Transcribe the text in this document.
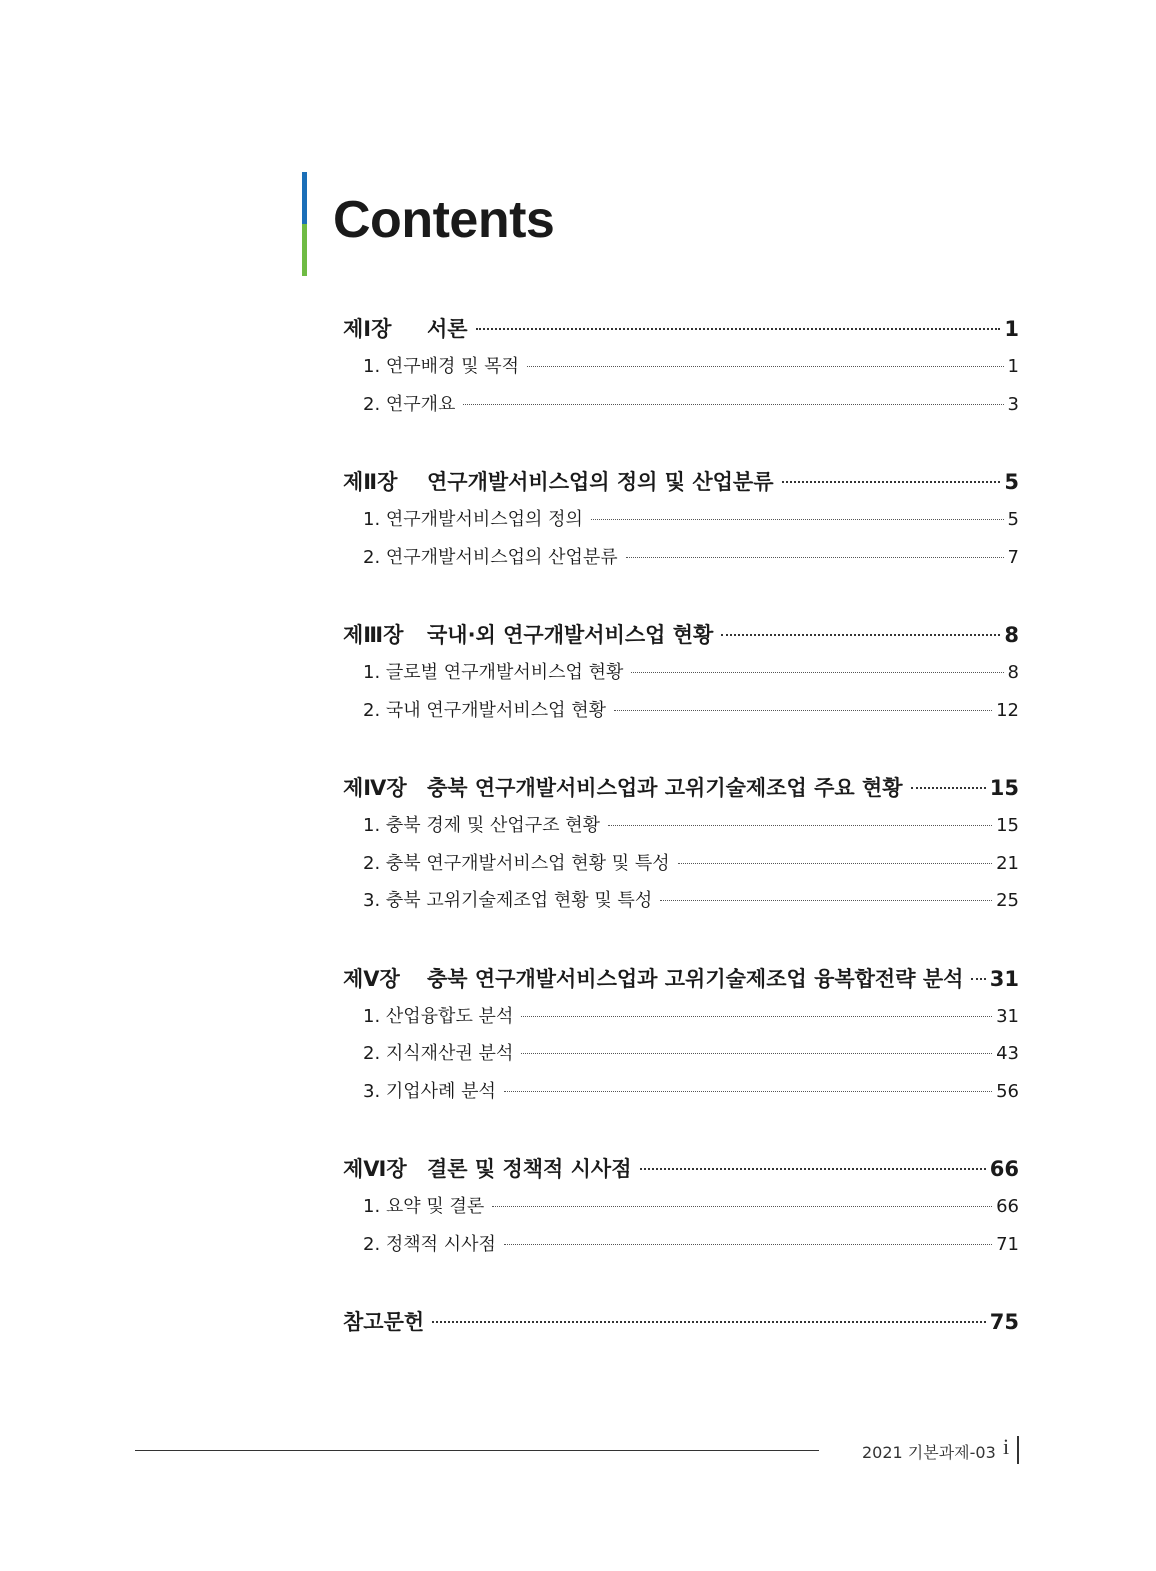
Contents
제Ⅰ장 서론	1
1. 연구배경 및 목적	1
2. 연구개요	3
제Ⅱ장 연구개발서비스업의 정의 및 산업분류	5
1. 연구개발서비스업의 정의	5
2. 연구개발서비스업의 산업분류	7
제Ⅲ장 국내·외 연구개발서비스업 현황	8
1. 글로벌 연구개발서비스업 현황	8
2. 국내 연구개발서비스업 현황	12
제Ⅳ장 충북 연구개발서비스업과 고위기술제조업 주요 현황	15
1. 충북 경제 및 산업구조 현황	15
2. 충북 연구개발서비스업 현황 및 특성	21
3. 충북 고위기술제조업 현황 및 특성	25
제Ⅴ장 충북 연구개발서비스업과 고위기술제조업 융복합전략 분석 31
1. 산업융합도 분석	31
2. 지식재산권 분석	43
3. 기업사례 분석	56
제Ⅵ장 결론 및 정책적 시사점	66
1. 요약 및 결론	66
2. 정책적 시사점	71
참고문헌	75
2021 기본과제-03 i
